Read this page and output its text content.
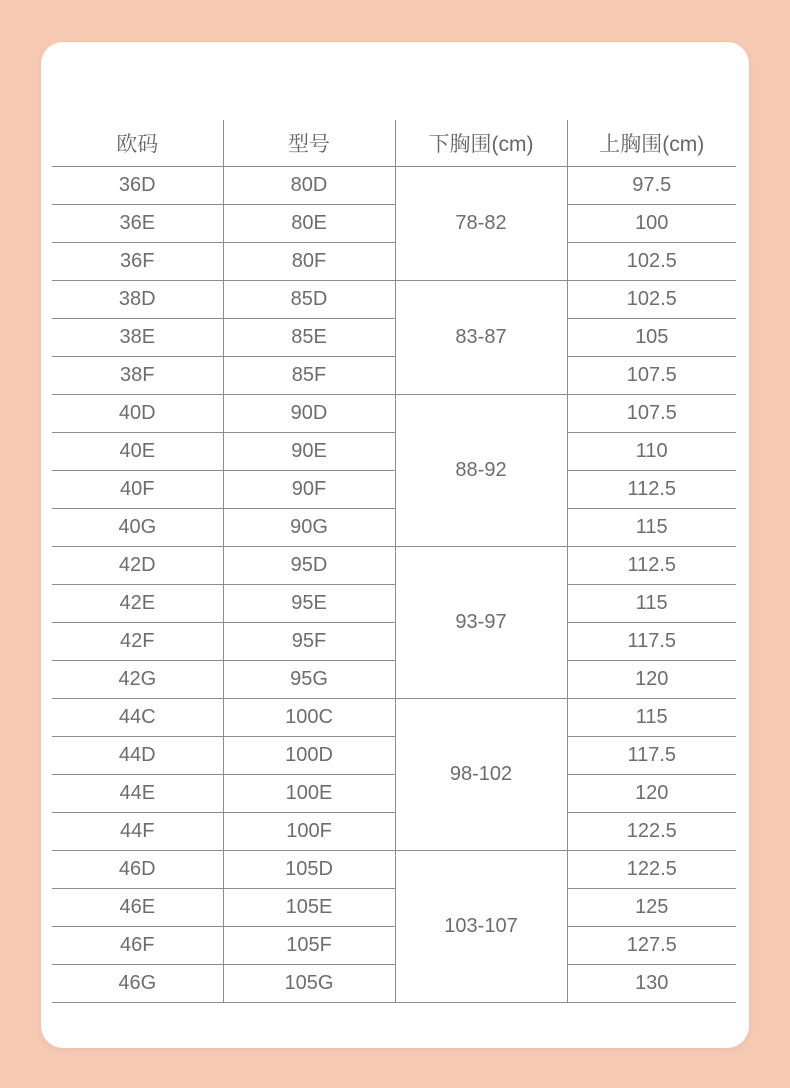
欧码	型号	下胸围(cm)	上胸围(cm)
36D	80D	78-82	97.5
36E	80E		100
36F	80F		102.5
38D	85D	83-87	102.5
38E	85E		105
38F	85F		107.5
40D	90D	88-92	107.5
40E	90E		110
40F	90F		112.5
40G	90G		115
42D	95D	93-97	112.5
42E	95E		115
42F	95F		117.5
42G	95G		120
44C	100C	98-102	115
44D	100D		117.5
44E	100E		120
44F	100F		122.5
46D	105D	103-107	122.5
46E	105E		125
46F	105F		127.5
46G	105G		130
